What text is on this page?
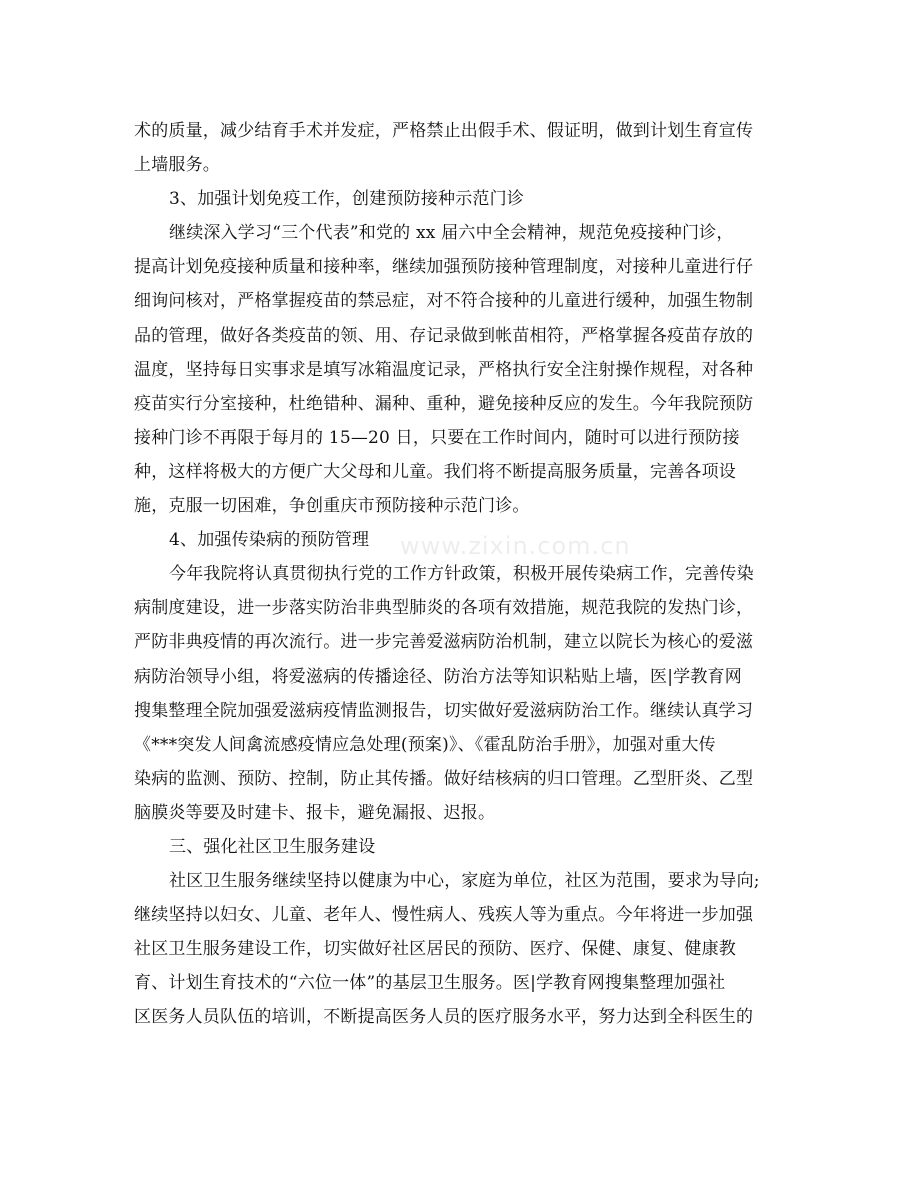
术的质量，减少结育手术并发症，严格禁止出假手术、假证明，做到计划生育宣传
上墙服务。
3、加强计划免疫工作，创建预防接种示范门诊
继续深入学习“三个代表”和党的 xx 届六中全会精神，规范免疫接种门诊，
提高计划免疫接种质量和接种率，继续加强预防接种管理制度，对接种儿童进行仔
细询问核对，严格掌握疫苗的禁忌症，对不符合接种的儿童进行缓种，加强生物制
品的管理，做好各类疫苗的领、用、存记录做到帐苗相符，严格掌握各疫苗存放的
温度，坚持每日实事求是填写冰箱温度记录，严格执行安全注射操作规程，对各种
疫苗实行分室接种，杜绝错种、漏种、重种，避免接种反应的发生。今年我院预防
接种门诊不再限于每月的 15—20 日，只要在工作时间内，随时可以进行预防接
种，这样将极大的方便广大父母和儿童。我们将不断提高服务质量，完善各项设
施，克服一切困难，争创重庆市预防接种示范门诊。
4、加强传染病的预防管理
今年我院将认真贯彻执行党的工作方针政策，积极开展传染病工作，完善传染
病制度建设，进一步落实防治非典型肺炎的各项有效措施，规范我院的发热门诊，
严防非典疫情的再次流行。进一步完善爱滋病防治机制，建立以院长为核心的爱滋
病防治领导小组，将爱滋病的传播途径、防治方法等知识粘贴上墙，医|学教育网
搜集整理全院加强爱滋病疫情监测报告，切实做好爱滋病防治工作。继续认真学习
《***突发人间禽流感疫情应急处理(预案)》、《霍乱防治手册》，加强对重大传
染病的监测、预防、控制，防止其传播。做好结核病的归口管理。乙型肝炎、乙型
脑膜炎等要及时建卡、报卡，避免漏报、迟报。
三、强化社区卫生服务建设
社区卫生服务继续坚持以健康为中心，家庭为单位，社区为范围，要求为导向;
继续坚持以妇女、儿童、老年人、慢性病人、残疾人等为重点。今年将进一步加强
社区卫生服务建设工作，切实做好社区居民的预防、医疗、保健、康复、健康教
育、计划生育技术的“六位一体”的基层卫生服务。医|学教育网搜集整理加强社
区医务人员队伍的培训，不断提高医务人员的医疗服务水平，努力达到全科医生的
www.zixin.com.cn
